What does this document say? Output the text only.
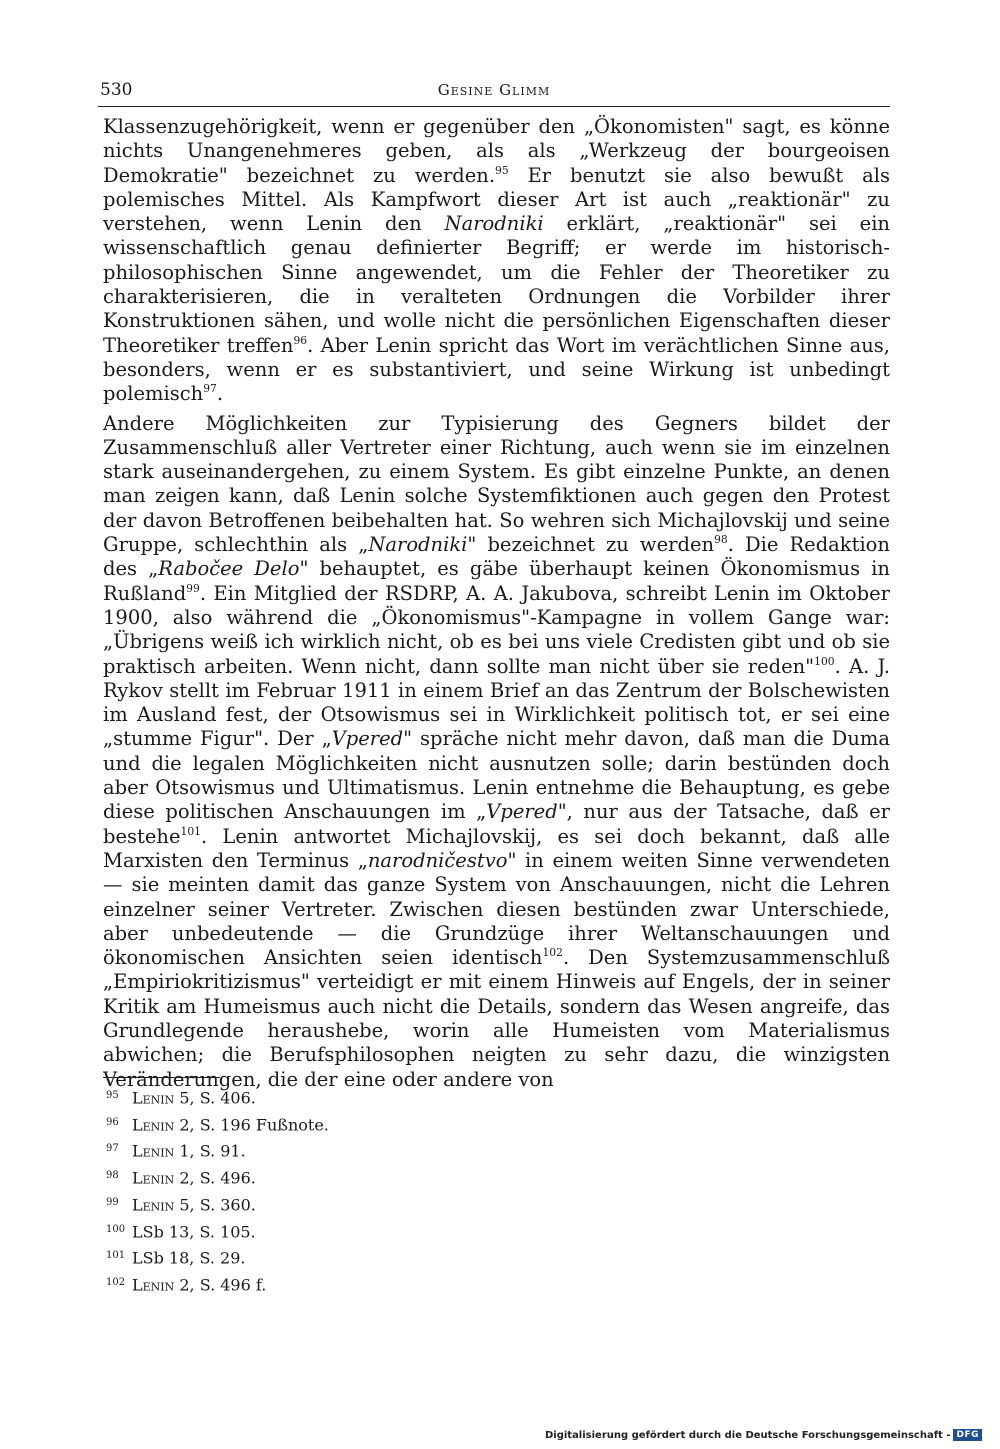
530	Gesine Glimm

Klassenzugehörigkeit, wenn er gegenüber den „Ökonomisten" sagt, es könne nichts Unangenehmeres geben, als als „Werkzeug der bourgeoisen Demokratie" bezeichnet zu werden.$^{95}$ Er benutzt sie also bewußt als polemisches Mittel. Als Kampfwort dieser Art ist auch „reaktionär" zu verstehen, wenn Lenin den Narodniki erklärt, „reaktionär" sei ein wissenschaftlich genau definierter Begriff; er werde im historisch-philosophischen Sinne angewendet, um die Fehler der Theoretiker zu charakterisieren, die in veralteten Ordnungen die Vorbilder ihrer Konstruktionen sähen, und wolle nicht die persönlichen Eigenschaften dieser Theoretiker treffen$^{96}$. Aber Lenin spricht das Wort im verächtlichen Sinne aus, besonders, wenn er es substantiviert, und seine Wirkung ist unbedingt polemisch$^{97}$.

Andere Möglichkeiten zur Typisierung des Gegners bildet der Zusammenschluß aller Vertreter einer Richtung, auch wenn sie im einzelnen stark auseinandergehen, zu einem System. Es gibt einzelne Punkte, an denen man zeigen kann, daß Lenin solche Systemfiktionen auch gegen den Protest der davon Betroffenen beibehalten hat. So wehren sich Michajlovskij und seine Gruppe, schlechthin als „Narodniki" bezeichnet zu werden$^{98}$. Die Redaktion des „Rabočee Delo" behauptet, es gäbe überhaupt keinen Ökonomismus in Rußland$^{99}$. Ein Mitglied der RSDRP, A. A. Jakubova, schreibt Lenin im Oktober 1900, also während die „Ökonomismus"-Kampagne in vollem Gange war: „Übrigens weiß ich wirklich nicht, ob es bei uns viele Credisten gibt und ob sie praktisch arbeiten. Wenn nicht, dann sollte man nicht über sie reden"$^{100}$. A. J. Rykov stellt im Februar 1911 in einem Brief an das Zentrum der Bolschewisten im Ausland fest, der Otsowismus sei in Wirklichkeit politisch tot, er sei eine „stumme Figur". Der „Vpered" spräche nicht mehr davon, daß man die Duma und die legalen Möglichkeiten nicht ausnutzen solle; darin bestünden doch aber Otsowismus und Ultimatismus. Lenin entnehme die Behauptung, es gebe diese politischen Anschauungen im „Vpered", nur aus der Tatsache, daß er bestehe$^{101}$. Lenin antwortet Michajlovskij, es sei doch bekannt, daß alle Marxisten den Terminus „narodničestvo" in einem weiten Sinne verwendeten — sie meinten damit das ganze System von Anschauungen, nicht die Lehren einzelner seiner Vertreter. Zwischen diesen bestünden zwar Unterschiede, aber unbedeutende — die Grundzüge ihrer Weltanschauungen und ökonomischen Ansichten seien identisch$^{102}$. Den Systemzusammenschluß „Empiriokritizismus" verteidigt er mit einem Hinweis auf Engels, der in seiner Kritik am Humeismus auch nicht die Details, sondern das Wesen angreife, das Grundlegende heraushebe, worin alle Humeisten vom Materialismus abwichen; die Berufsphilosophen neigten zu sehr dazu, die winzigsten Veränderungen, die der eine oder andere von

95 Lenin 5, S. 406.
96 Lenin 2, S. 196 Fußnote.
97 Lenin 1, S. 91.
98 Lenin 2, S. 496.
99 Lenin 5, S. 360.
100 LSb 13, S. 105.
101 LSb 18, S. 29.
102 Lenin 2, S. 496 f.
Digitalisierung gefördert durch die Deutsche Forschungsgemeinschaft - DFG
